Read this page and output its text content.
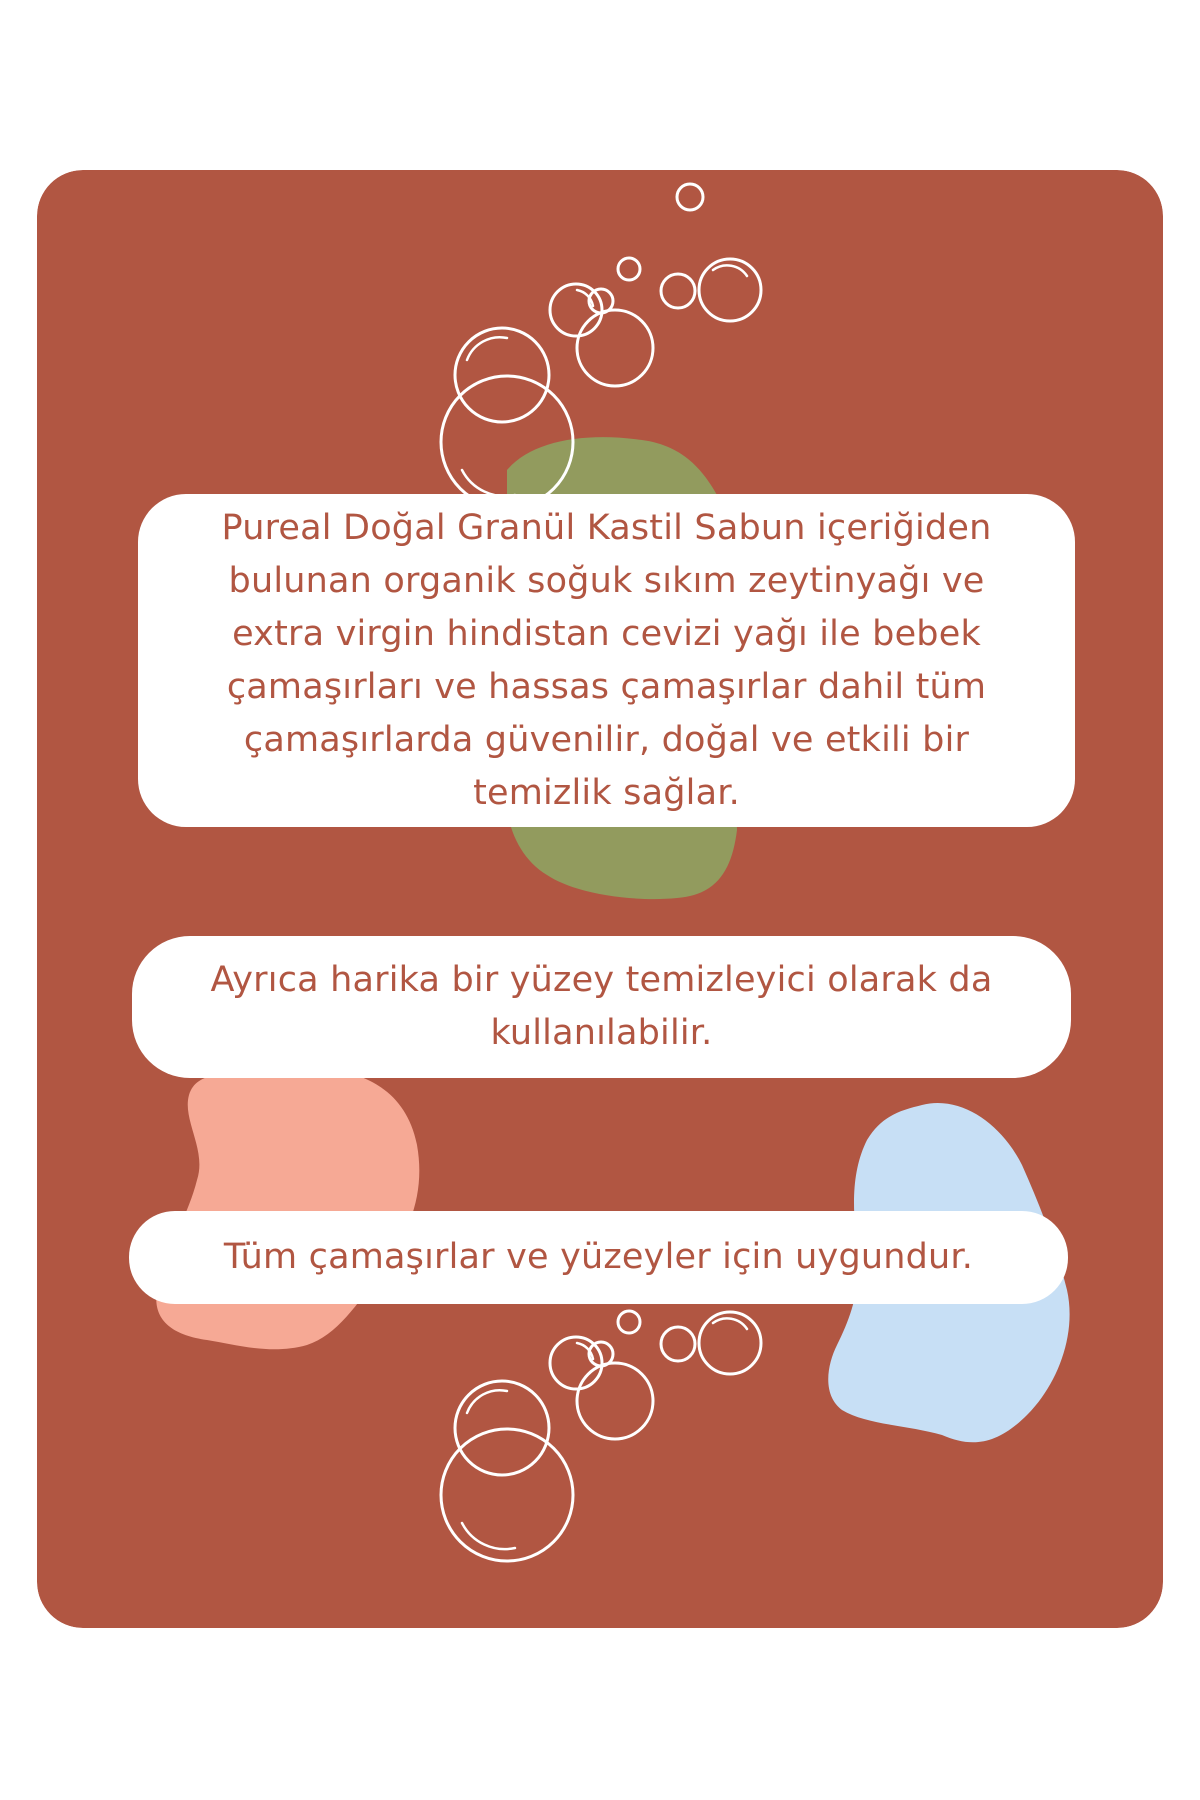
Pureal Doğal Granül Kastil Sabun içeriğiden bulunan organik soğuk sıkım zeytinyağı ve extra virgin hindistan cevizi yağı ile bebek çamaşırları ve hassas çamaşırlar dahil tüm çamaşırlarda güvenilir, doğal ve etkili bir temizlik sağlar.
Ayrıca harika bir yüzey temizleyici olarak da kullanılabilir.
Tüm çamaşırlar ve yüzeyler için uygundur.
